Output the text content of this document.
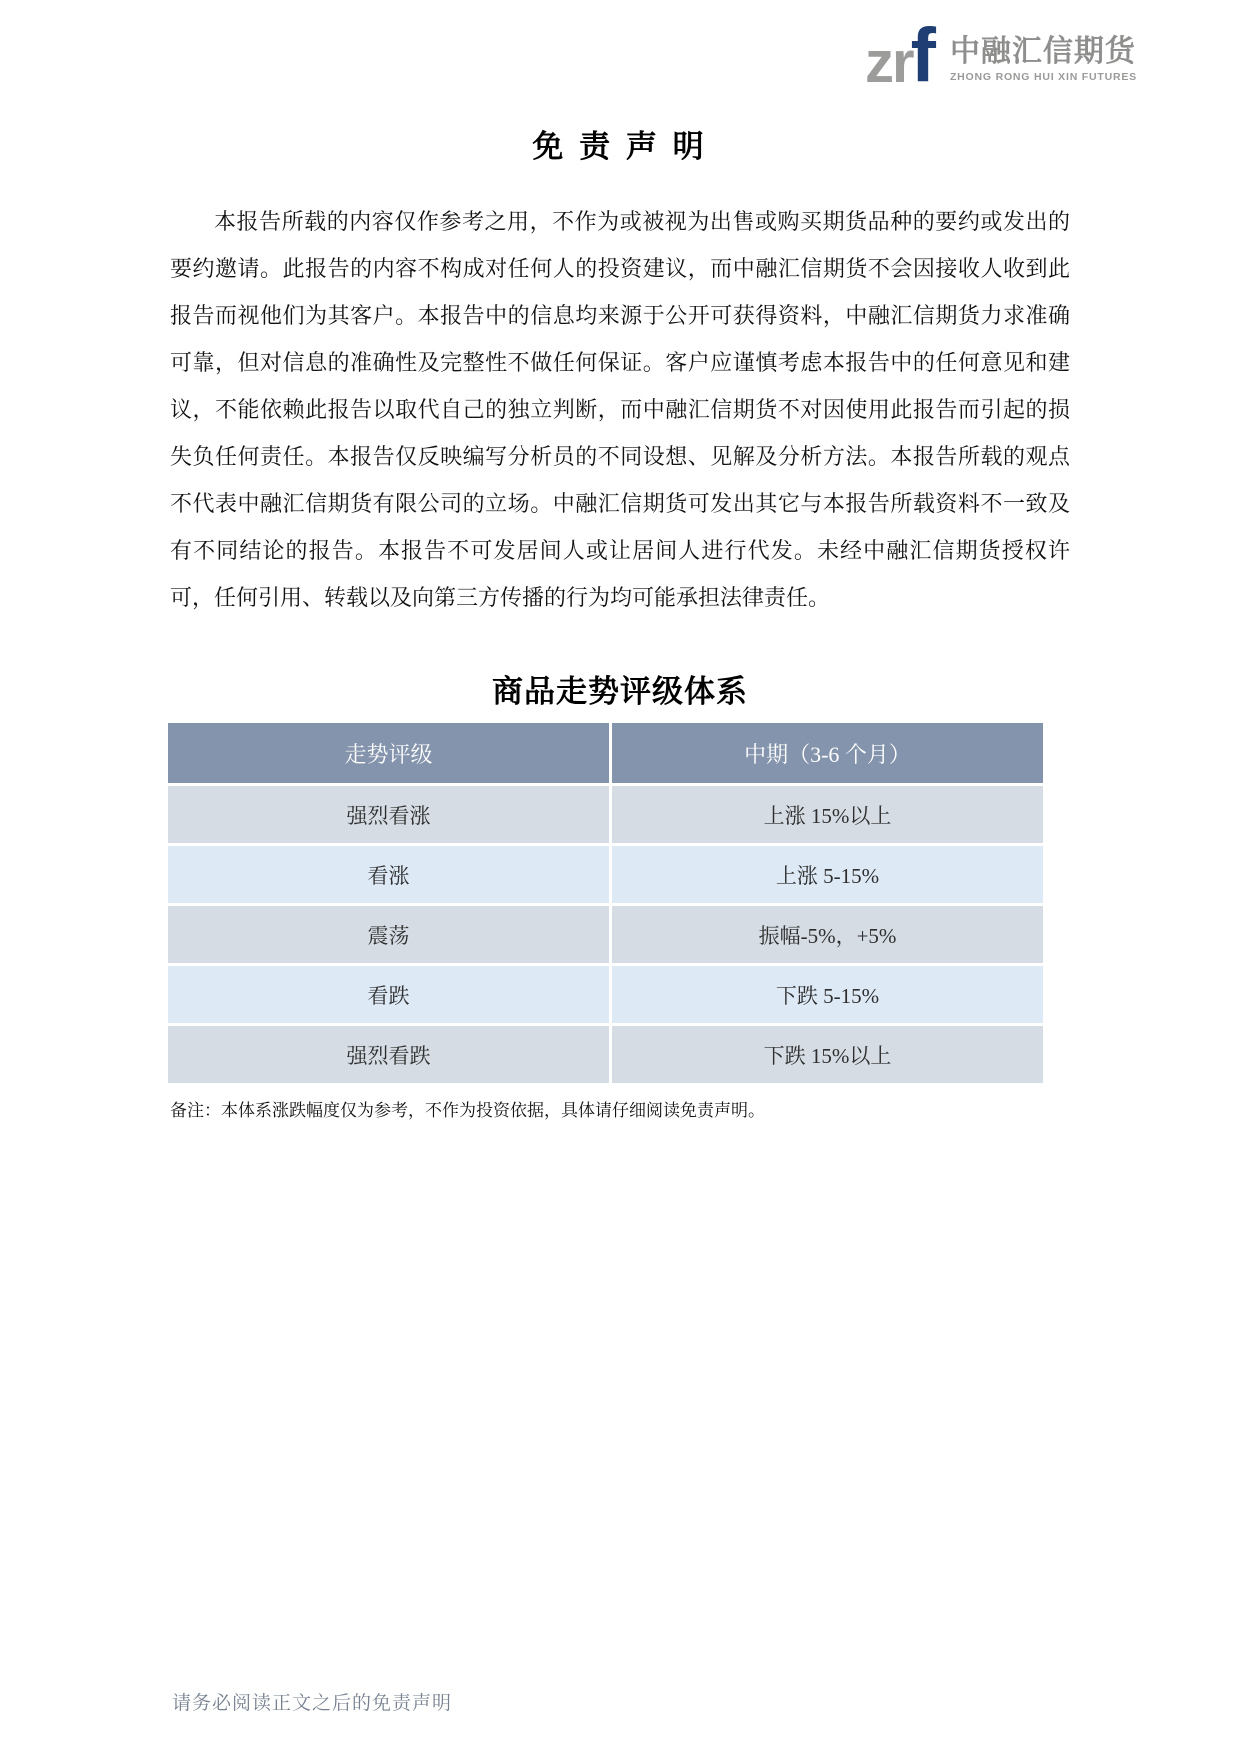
zr
f 中融汇信期货
ZHONG RONG HUI XIN FUTURES
免 责 声 明

本报告所载的内容仅作参考之用，不作为或被视为出售或购买期货品种的要约或发出的要约邀请。此报告的内容不构成对任何人的投资建议，而中融汇信期货不会因接收人收到此报告而视他们为其客户。本报告中的信息均来源于公开可获得资料，中融汇信期货力求准确可靠，但对信息的准确性及完整性不做任何保证。客户应谨慎考虑本报告中的任何意见和建议，不能依赖此报告以取代自己的独立判断，而中融汇信期货不对因使用此报告而引起的损失负任何责任。本报告仅反映编写分析员的不同设想、见解及分析方法。本报告所载的观点不代表中融汇信期货有限公司的立场。中融汇信期货可发出其它与本报告所载资料不一致及有不同结论的报告。本报告不可发居间人或让居间人进行代发。未经中融汇信期货授权许可，任何引用、转载以及向第三方传播的行为均可能承担法律责任。

商品走势评级体系
走势评级	中期（3-6 个月）
强烈看涨	上涨 15%以上
看涨	上涨 5-15%
震荡	振幅-5%，+5%
看跌	下跌 5-15%
强烈看跌	下跌 15%以上
备注：本体系涨跌幅度仅为参考，不作为投资依据，具体请仔细阅读免责声明。
请务必阅读正文之后的免责声明
